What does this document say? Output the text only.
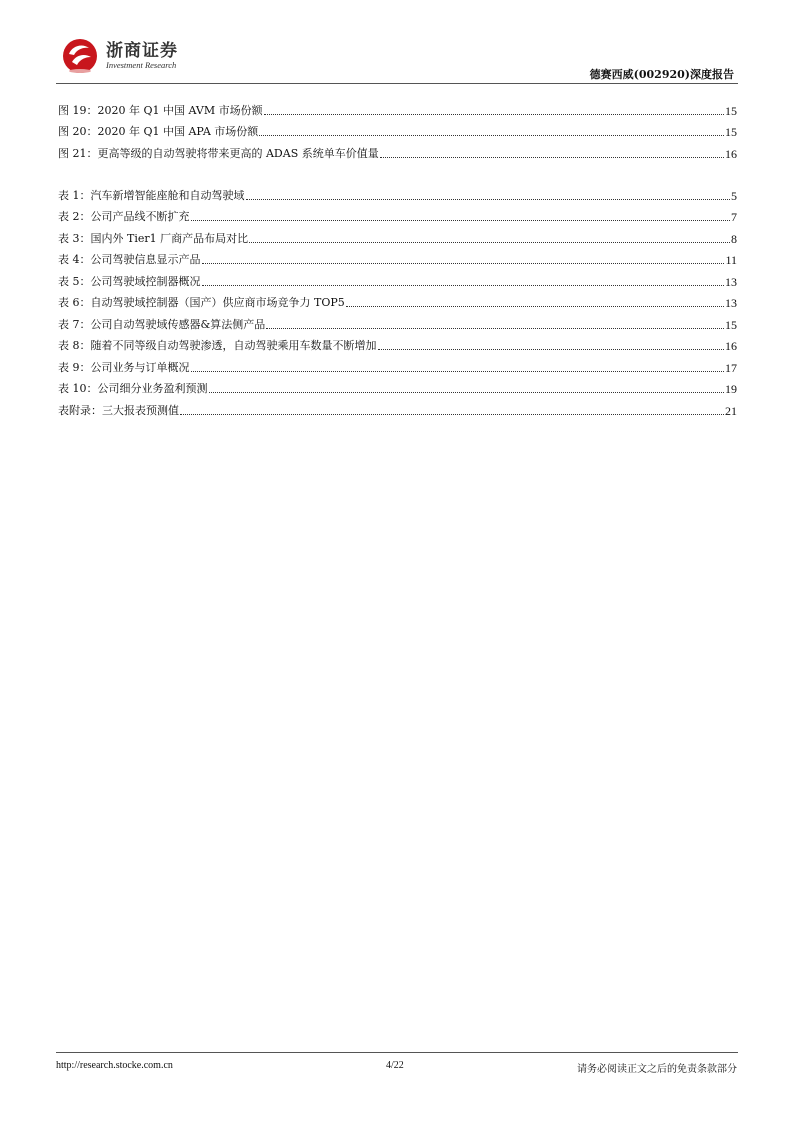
浙商证券
Investment Research
德赛西威(002920)深度报告
图 19：2020 年 Q1 中国 AVM 市场份额	15
图 20：2020 年 Q1 中国 APA 市场份额	15
图 21：更高等级的自动驾驶将带来更高的 ADAS 系统单车价值量	16
表 1：汽车新增智能座舱和自动驾驶域	5
表 2：公司产品线不断扩充	7
表 3：国内外 Tier1 厂商产品布局对比	8
表 4：公司驾驶信息显示产品	11
表 5：公司驾驶域控制器概况	13
表 6：自动驾驶域控制器（国产）供应商市场竞争力 TOP5	13
表 7：公司自动驾驶域传感器&算法侧产品	15
表 8：随着不同等级自动驾驶渗透，自动驾驶乘用车数量不断增加	16
表 9：公司业务与订单概况	17
表 10：公司细分业务盈利预测	19
表附录：三大报表预测值	21
http://research.stocke.com.cn	4/22	请务必阅读正文之后的免责条款部分
